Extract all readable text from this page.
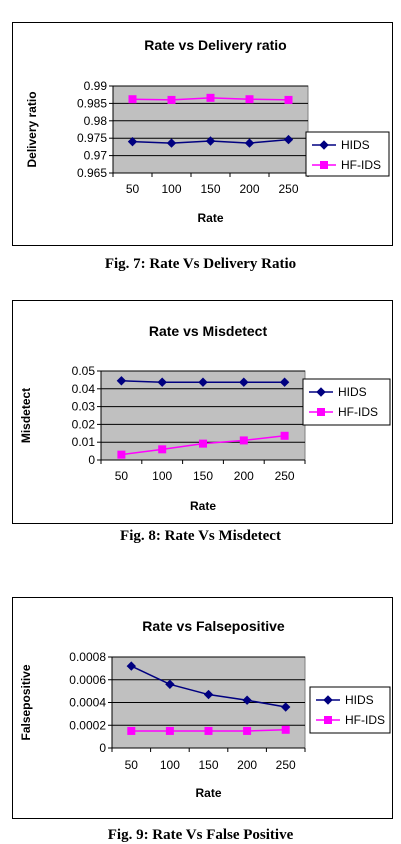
Rate vs Delivery ratio
0.965
0.97
0.975
0.98
0.985
0.99
50 100 150 200 250
Rate
Delivery ratio	HIDS
HF-IDS
Fig. 7: Rate Vs Delivery Ratio
Rate vs Misdetect
0
0.01
0.02
0.03
0.04
0.05
50 100 150 200 250
Rate
Misdetect	HIDS
HF-IDS
Fig. 8: Rate Vs Misdetect
Rate vs Falsepositive
0
0.0002
0.0004
0.0006
0.0008
50 100 150 200 250
Rate
Falsepositive	HIDS
HF-IDS
Fig. 9: Rate Vs False Positive
